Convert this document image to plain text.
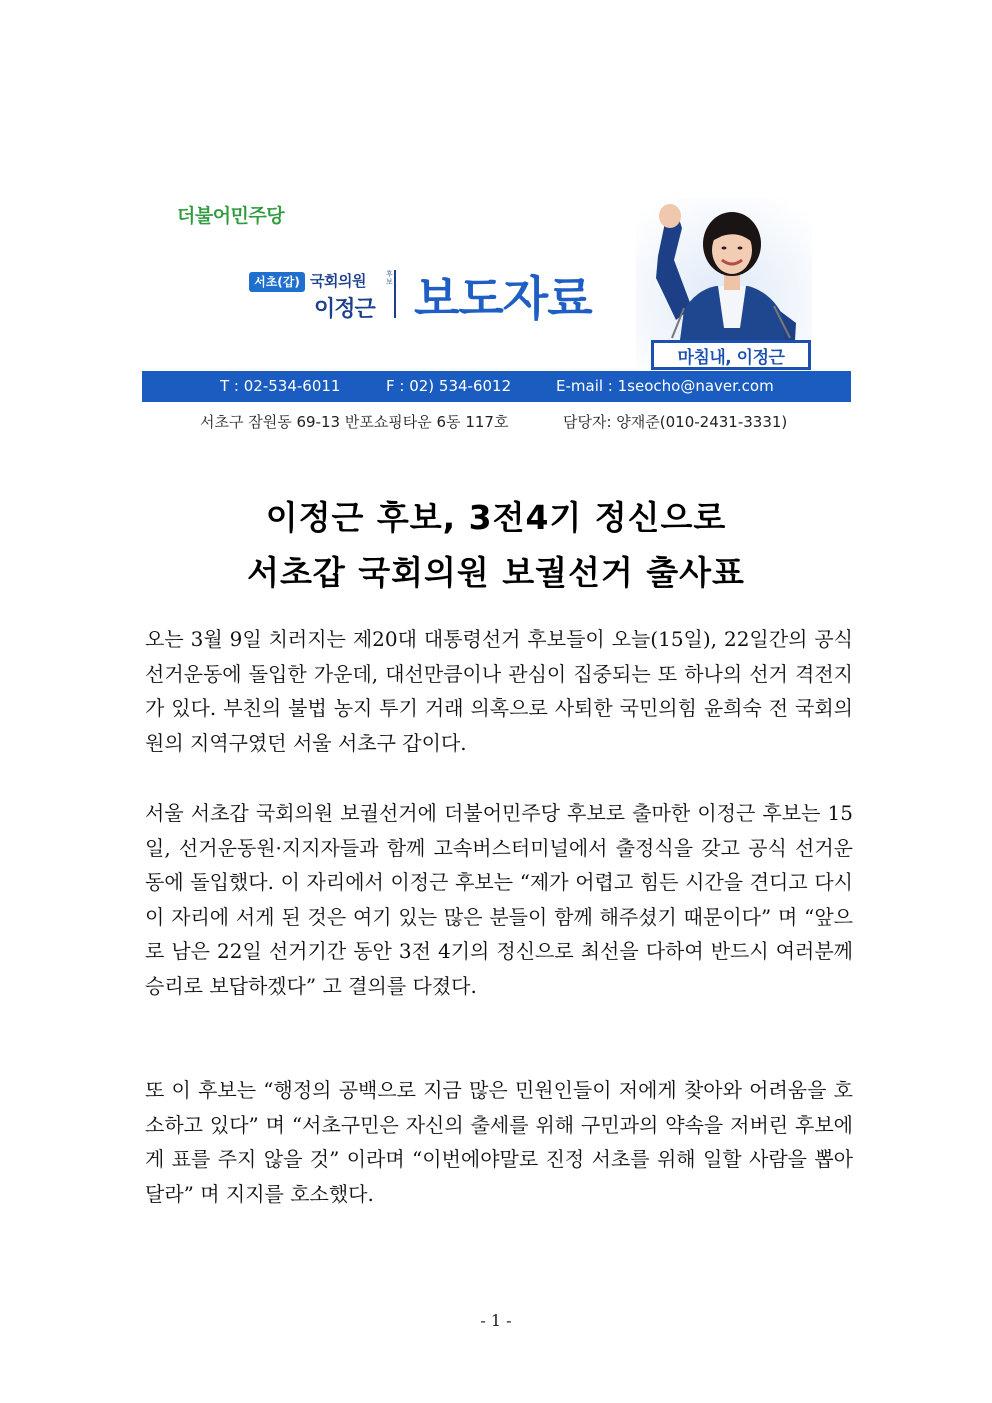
더불어민주당
서초(갑) 국회의원	후보
이정근 보도자료
마침내, 이정근
T : 02-534-6011	F : 02) 534-6012	E-mail : 1seocho@naver.com
서초구 잠원동 69-13 반포쇼핑타운 6동 117호	담당자: 양재준(010-2431-3331)
이정근 후보, 3전4기 정신으로
서초갑 국회의원 보궐선거 출사표
오는 3월 9일 치러지는 제20대 대통령선거 후보들이 오늘(15일), 22일간의 공식 선거운동에 돌입한 가운데, 대선만큼이나 관심이 집중되는 또 하나의 선거 격전지가 있다. 부친의 불법 농지 투기 거래 의혹으로 사퇴한 국민의힘 윤희숙 전 국회의원의 지역구였던 서울 서초구 갑이다.
서울 서초갑 국회의원 보궐선거에 더불어민주당 후보로 출마한 이정근 후보는 15일, 선거운동원·지지자들과 함께 고속버스터미널에서 출정식을 갖고 공식 선거운동에 돌입했다. 이 자리에서 이정근 후보는 “제가 어렵고 힘든 시간을 견디고 다시 이 자리에 서게 된 것은 여기 있는 많은 분들이 함께 해주셨기 때문이다” 며 “앞으로 남은 22일 선거기간 동안 3전 4기의 정신으로 최선을 다하여 반드시 여러분께 승리로 보답하겠다” 고 결의를 다졌다.
또 이 후보는 “행정의 공백으로 지금 많은 민원인들이 저에게 찾아와 어려움을 호소하고 있다” 며 “서초구민은 자신의 출세를 위해 구민과의 약속을 저버린 후보에게 표를 주지 않을 것” 이라며 “이번에야말로 진정 서초를 위해 일할 사람을 뽑아 달라” 며 지지를 호소했다.
- 1 -
